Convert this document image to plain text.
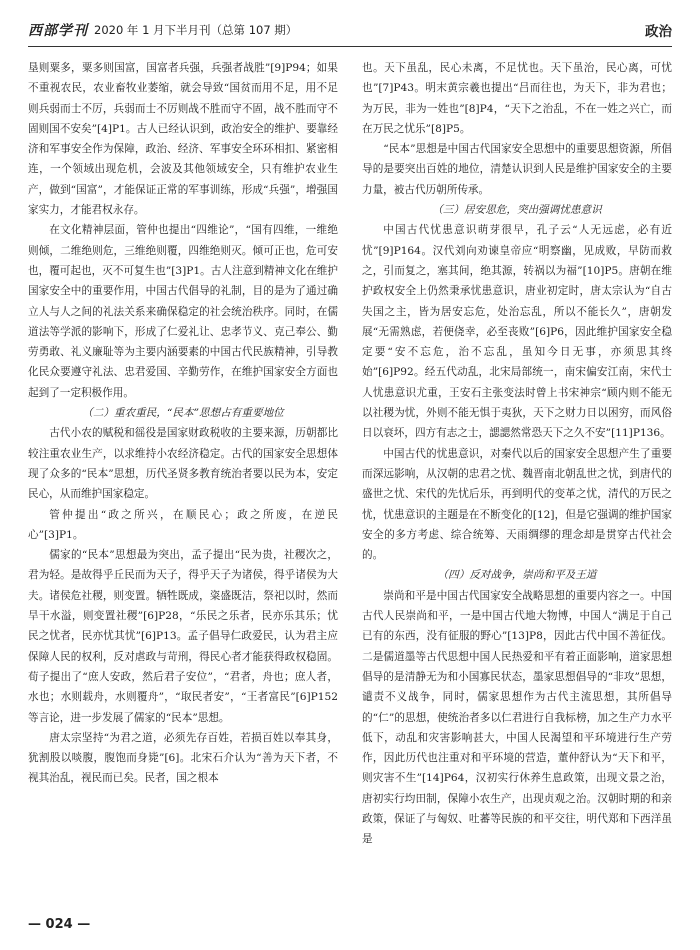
西部学刊 2020 年 1 月下半月刊（总第 107 期）	政治

垦则粟多，粟多则国富，国富者兵强，兵强者战胜”[9]P94；如果不重视农民，农业畜牧业萎缩，就会导致“国贫而用不足，用不足则兵弱而士不厉，兵弱而士不厉则战不胜而守不固，战不胜而守不固则国不安矣”[4]P1。古人已经认识到，政治安全的维护、要靠经济和军事安全作为保障，政治、经济、军事安全环环相扣、紧密相连，一个领域出现危机，会波及其他领域安全，只有维护农业生产，做到“国富”，才能保证正常的军事训练，形成“兵强”，增强国家实力，才能君权永存。

在文化精神层面，管仲也提出“四维论”，“国有四维，一维绝则倾，二维绝则危，三维绝则覆，四维绝则灭。倾可正也，危可安也，覆可起也，灭不可复生也”[3]P1。古人注意到精神文化在维护国家安全中的重要作用，中国古代倡导的礼制，目的是为了通过确立人与人之间的礼法关系来确保稳定的社会统治秩序。同时，在儒道法等学派的影响下，形成了仁爱礼让、忠孝节义、克己奉公、勤劳勇敢、礼义廉耻等为主要内涵要素的中国古代民族精神，引导教化民众要遵守礼法、忠君爱国、辛勤劳作，在维护国家安全方面也起到了一定积极作用。

（二）重农重民，“民本”思想占有重要地位

古代小农的赋税和徭役是国家财政税收的主要来源，历朝都比较注重农业生产，以求维持小农经济稳定。古代的国家安全思想体现了众多的“民本”思想，历代圣贤多教育统治者要以民为本，安定民心，从而维护国家稳定。

管仲提出“政之所兴，在顺民心；政之所废，在逆民心”[3]P1。

儒家的“民本”思想最为突出，孟子提出“民为贵，社稷次之，君为轻。是故得乎丘民而为天子，得乎天子为诸侯，得乎诸侯为大夫。诸侯危社稷，则变置。牺牲既成，粢盛既洁，祭祀以时，然而旱干水溢，则变置社稷”[6]P28，“乐民之乐者，民亦乐其乐；忧民之忧者，民亦忧其忧”[6]P13。孟子倡导仁政爱民，认为君主应保障人民的权利，反对虐政与苛刑，得民心者才能获得政权稳固。荀子提出了“庶人安政，然后君子安位”，“君者，舟也；庶人者，水也；水则载舟，水则覆舟”，“取民者安”，“王者富民”[6]P152等言论，进一步发展了儒家的“民本”思想。

唐太宗坚持“为君之道，必须先存百姓，若损百姓以奉其身，犹割股以啖腹，腹饱而身毙”[6]。北宋石介认为“善为天下者，不视其治乱，视民而已矣。民者，国之根本

也。天下虽乱，民心未离，不足忧也。天下虽治，民心离，可忧也”[7]P43。明末黄宗羲也提出“吕而往也，为天下，非为君也；为万民，非为一姓也”[8]P4，“天下之治乱，不在一姓之兴亡，而在万民之忧乐”[8]P5。

“民本”思想是中国古代国家安全思想中的重要思想资源，所倡导的是要突出百姓的地位，清楚认识到人民是维护国家安全的主要力量，被古代历朝所传承。

（三）居安思危，突出强调忧患意识

中国古代忧患意识萌芽很早，孔子云“人无远虑，必有近忧”[9]P164。汉代刘向劝谏皇帝应“明察幽，见成败，早防而救之，引而复之，塞其间，绝其源，转祸以为福”[10]P5。唐朝在维护政权安全上仍然秉承忧患意识，唐业初定时，唐太宗认为“自古失国之主，皆为居安忘危，处治忘乱，所以不能长久”，唐朝发展“无需熟虑，若便侥幸，必至丧败”[6]P6，因此维护国家安全稳定要“安不忘危，治不忘乱，虽知今日无事，亦须思其终始”[6]P92。经五代动乱，北宋局部统一，南宋偏安江南，宋代士人忧患意识尤重，王安石主张变法时曾上书宋神宗“顾内则不能无以社稷为忧，外则不能无惧于夷狄，天下之财力日以困穷，而风俗日以衰坏，四方有志之士，諰諰然常恐天下之久不安”[11]P136。

中国古代的忧患意识，对秦代以后的国家安全思想产生了重要而深远影响，从汉朝的忠君之忧、魏晋南北朝乱世之忧，到唐代的盛世之忧、宋代的先忧后乐，再到明代的变革之忧，清代的万民之忧，忧患意识的主题是在不断变化的[12]，但是它强调的维护国家安全的多方考虑、综合统筹、天雨绸缪的理念却是贯穿古代社会的。

（四）反对战争，崇尚和平及王道

崇尚和平是中国古代国家安全战略思想的重要内容之一。中国古代人民崇尚和平，一是中国古代地大物博，中国人“满足于自己已有的东西，没有征服的野心”[13]P8，因此古代中国不善征伐。二是儒道墨等古代思想中国人民热爱和平有着正面影响，道家思想倡导的是清静无为和小国寡民状态，墨家思想倡导的“非攻”思想，谴责不义战争，同时，儒家思想作为古代主流思想，其所倡导的“仁”的思想，使统治者多以仁君进行自我标榜，加之生产力水平低下，动乱和灾害影响甚大，中国人民渴望和平环境进行生产劳作，因此历代也注重对和平环境的营造，董仲舒认为“天下和平，则灾害不生”[14]P64，汉初实行休养生息政策，出现文景之治，唐初实行均田制，保障小农生产，出现贞观之治。汉朝时期的和亲政策，保证了与匈奴、吐蕃等民族的和平交往，明代郑和下西洋虽是

— 024 —
